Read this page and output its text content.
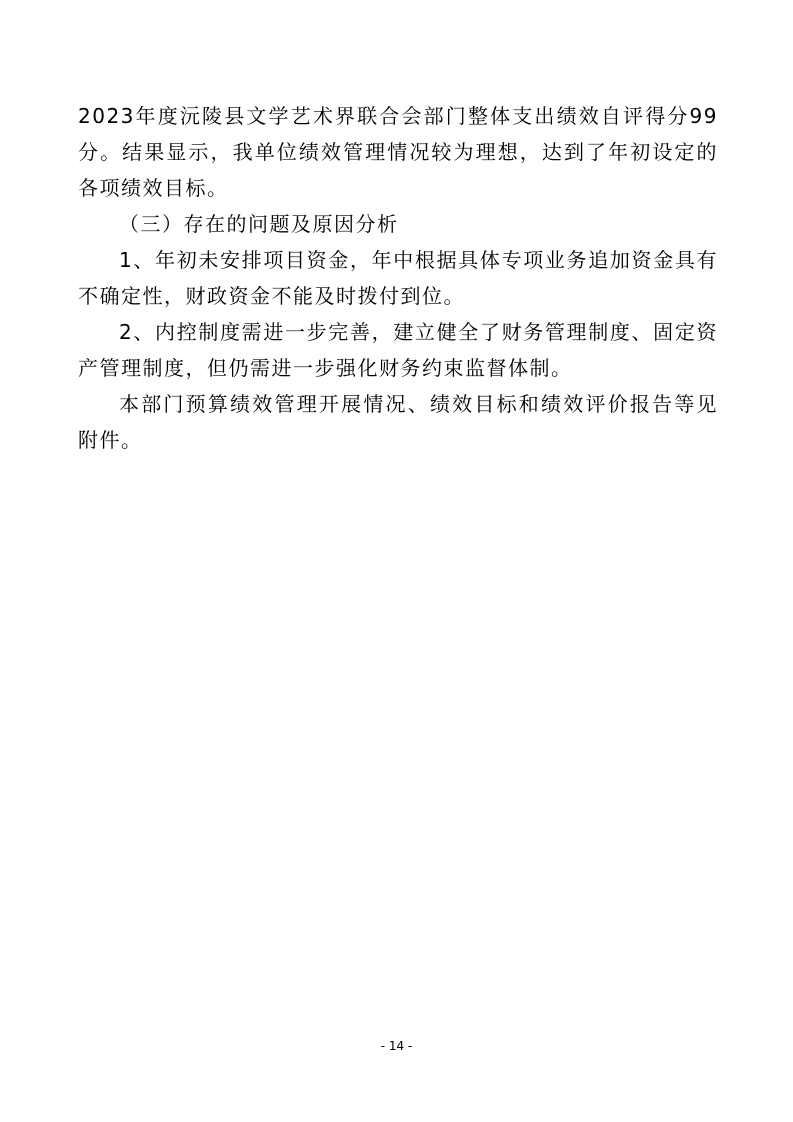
2023年度沅陵县文学艺术界联合会部门整体支出绩效自评得分99分。结果显示，我单位绩效管理情况较为理想，达到了年初设定的各项绩效目标。

（三）存在的问题及原因分析

1、年初未安排项目资金，年中根据具体专项业务追加资金具有不确定性，财政资金不能及时拨付到位。

2、内控制度需进一步完善，建立健全了财务管理制度、固定资产管理制度，但仍需进一步强化财务约束监督体制。

本部门预算绩效管理开展情况、绩效目标和绩效评价报告等见附件。

- 14 -
